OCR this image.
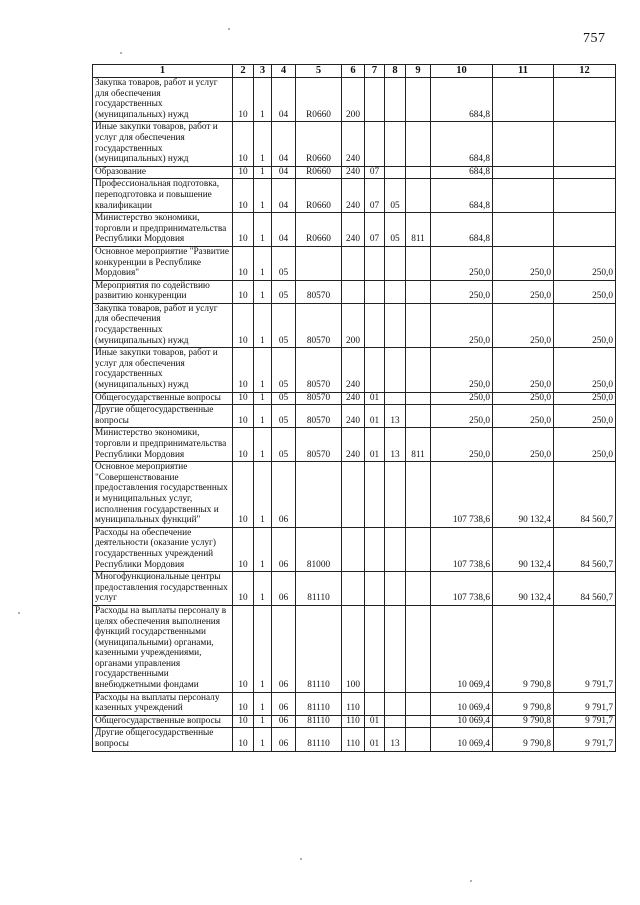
757
1	2	3	4	5	6	7	8	9	10	11	12
Закупка товаров, работ и услуг для обеспечения государственных (муниципальных) нужд	10	1	04	R0660	200				684,8		
Иные закупки товаров, работ и услуг для обеспечения государственных (муниципальных) нужд	10	1	04	R0660	240				684,8		
Образование	10	1	04	R0660	240	07			684,8		
Профессиональная подготовка, переподготовка и повышение квалификации	10	1	04	R0660	240	07	05		684,8		
Министерство экономики, торговли и предпринимательства Республики Мордовия	10	1	04	R0660	240	07	05	811	684,8		
Основное мероприятие "Развитие конкуренции в Республике Мордовия"	10	1	05						250,0	250,0	250,0
Мероприятия по содействию развитию конкуренции	10	1	05	80570					250,0	250,0	250,0
Закупка товаров, работ и услуг для обеспечения государственных (муниципальных) нужд	10	1	05	80570	200				250,0	250,0	250,0
Иные закупки товаров, работ и услуг для обеспечения государственных (муниципальных) нужд	10	1	05	80570	240				250,0	250,0	250,0
Общегосударственные вопросы	10	1	05	80570	240	01			250,0	250,0	250,0
Другие общегосударственные вопросы	10	1	05	80570	240	01	13		250,0	250,0	250,0
Министерство экономики, торговли и предпринимательства Республики Мордовия	10	1	05	80570	240	01	13	811	250,0	250,0	250,0
Основное мероприятие "Совершенствование предоставления государственных и муниципальных услуг, исполнения государственных и муниципальных функций"	10	1	06						107 738,6	90 132,4	84 560,7
Расходы на обеспечение деятельности (оказание услуг) государственных учреждений Республики Мордовия	10	1	06	81000					107 738,6	90 132,4	84 560,7
Многофункциональные центры предоставления государственных услуг	10	1	06	81110					107 738,6	90 132,4	84 560,7
Расходы на выплаты персоналу в целях обеспечения выполнения функций государственными (муниципальными) органами, казенными учреждениями, органами управления государственными внебюджетными фондами	10	1	06	81110	100				10 069,4	9 790,8	9 791,7
Расходы на выплаты персоналу казенных учреждений	10	1	06	81110	110				10 069,4	9 790,8	9 791,7
Общегосударственные вопросы	10	1	06	81110	110	01			10 069,4	9 790,8	9 791,7
Другие общегосударственные вопросы	10	1	06	81110	110	01	13		10 069,4	9 790,8	9 791,7
